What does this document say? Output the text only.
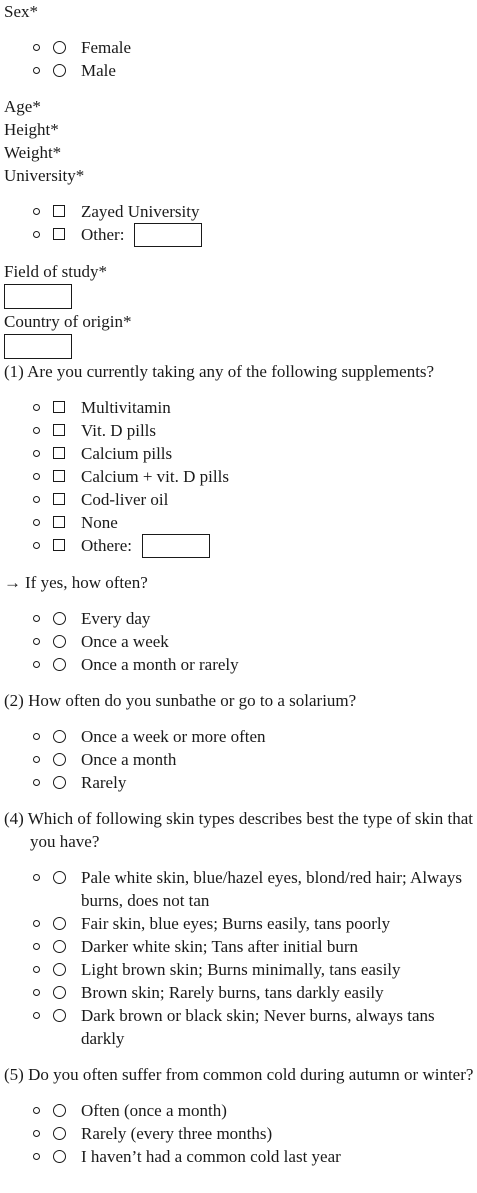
Sex*
Female
Male
Age*
Height*
Weight*
University*
Zayed University
Other:
Field of study*
Country of origin*
(1) Are you currently taking any of the following supplements?
Multivitamin
Vit. D pills
Calcium pills
Calcium + vit. D pills
Cod-liver oil
None
Othere:
→ If yes, how often?
Every day
Once a week
Once a month or rarely
(2) How often do you sunbathe or go to a solarium?
Once a week or more often
Once a month
Rarely
(4) Which of following skin types describes best the type of skin that you have?
Pale white skin, blue/hazel eyes, blond/red hair; Always burns, does not tan
Fair skin, blue eyes; Burns easily, tans poorly
Darker white skin; Tans after initial burn
Light brown skin; Burns minimally, tans easily
Brown skin; Rarely burns, tans darkly easily
Dark brown or black skin; Never burns, always tans darkly
(5) Do you often suffer from common cold during autumn or winter?
Often (once a month)
Rarely (every three months)
I haven’t had a common cold last year
